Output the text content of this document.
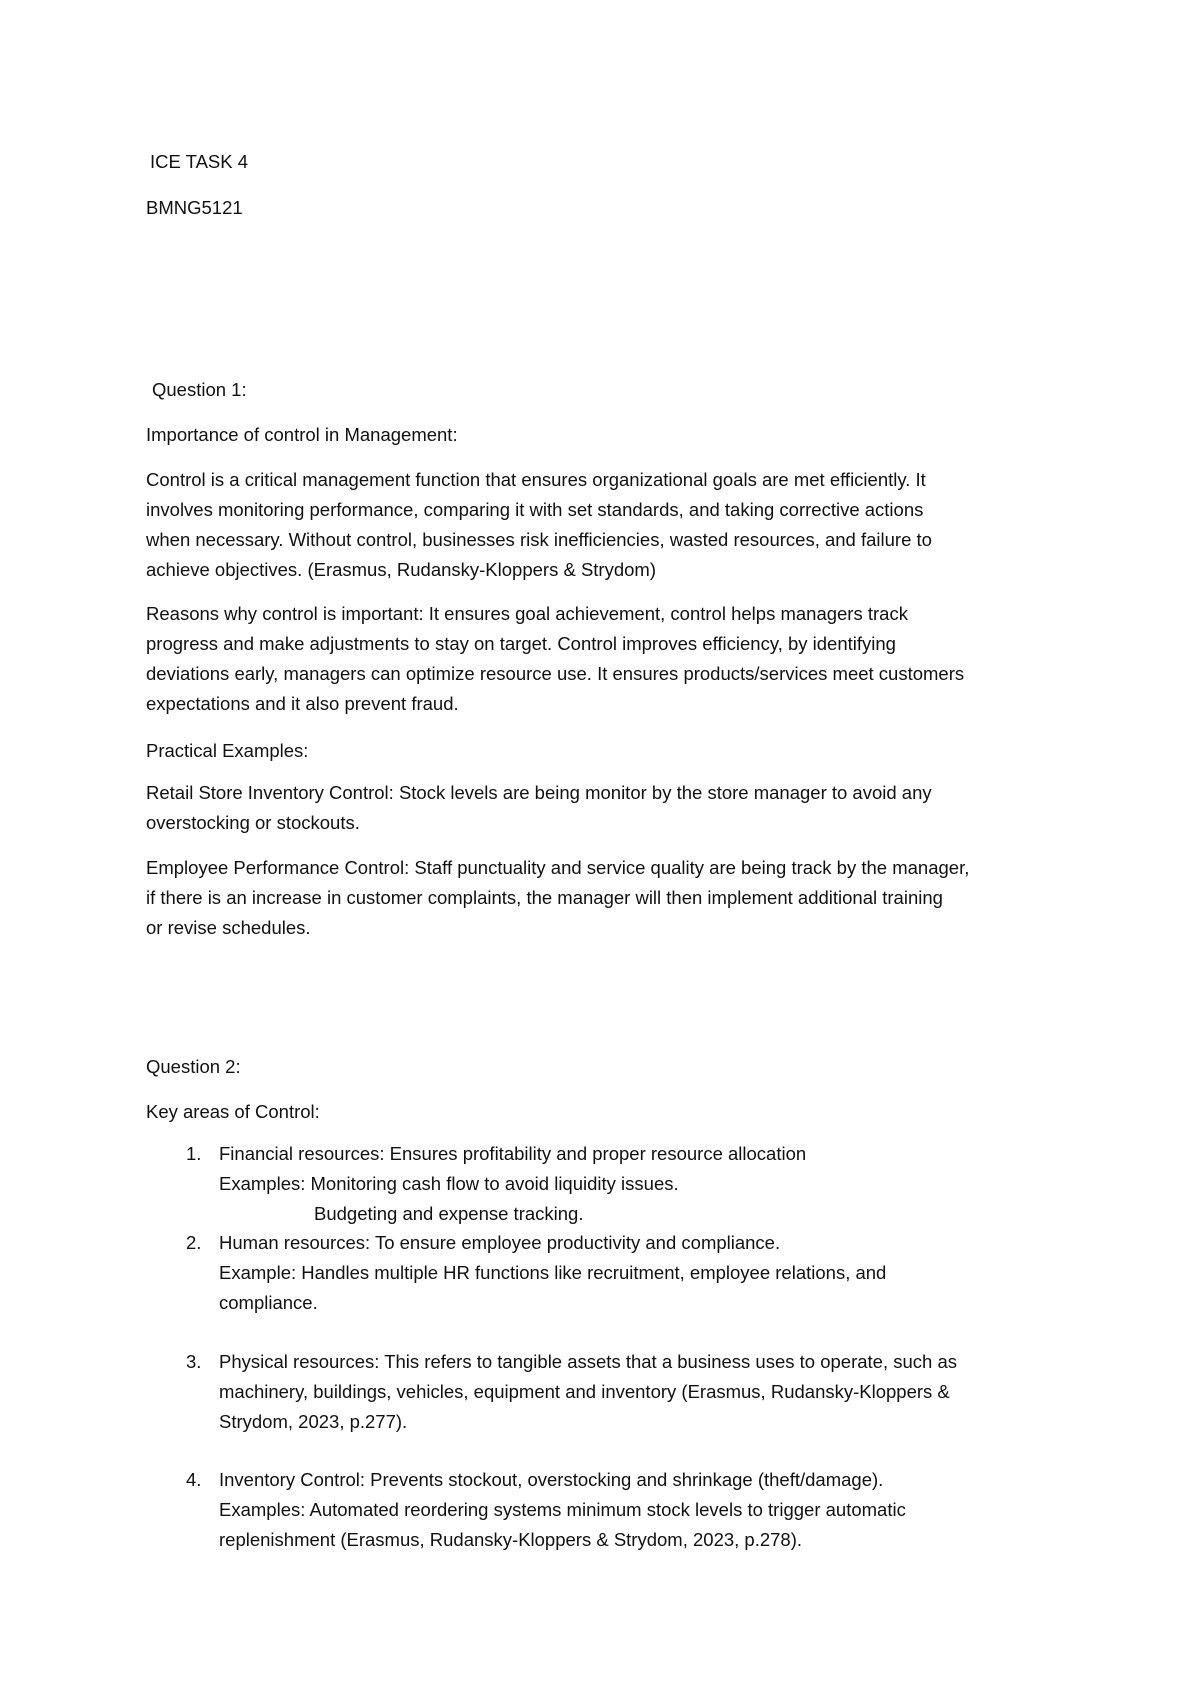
ICE TASK 4

BMNG5121

Question 1:

Importance of control in Management:

Control is a critical management function that ensures organizational goals are met efficiently. It
involves monitoring performance, comparing it with set standards, and taking corrective actions
when necessary. Without control, businesses risk inefficiencies, wasted resources, and failure to
achieve objectives. (Erasmus, Rudansky-Kloppers & Strydom)
Reasons why control is important: It ensures goal achievement, control helps managers track
progress and make adjustments to stay on target. Control improves efficiency, by identifying
deviations early, managers can optimize resource use. It ensures products/services meet customers
expectations and it also prevent fraud.

Practical Examples:

Retail Store Inventory Control: Stock levels are being monitor by the store manager to avoid any
overstocking or stockouts.
Employee Performance Control: Staff punctuality and service quality are being track by the manager,
if there is an increase in customer complaints, the manager will then implement additional training
or revise schedules.

Question 2:

Key areas of Control:

1. Financial resources: Ensures profitability and proper resource allocation
Examples: Monitoring cash flow to avoid liquidity issues.
Budgeting and expense tracking.
2. Human resources: To ensure employee productivity and compliance.
Example: Handles multiple HR functions like recruitment, employee relations, and
compliance.
3. Physical resources: This refers to tangible assets that a business uses to operate, such as
machinery, buildings, vehicles, equipment and inventory (Erasmus, Rudansky-Kloppers &
Strydom, 2023, p.277).
4. Inventory Control: Prevents stockout, overstocking and shrinkage (theft/damage).
Examples: Automated reordering systems minimum stock levels to trigger automatic
replenishment (Erasmus, Rudansky-Kloppers & Strydom, 2023, p.278).
